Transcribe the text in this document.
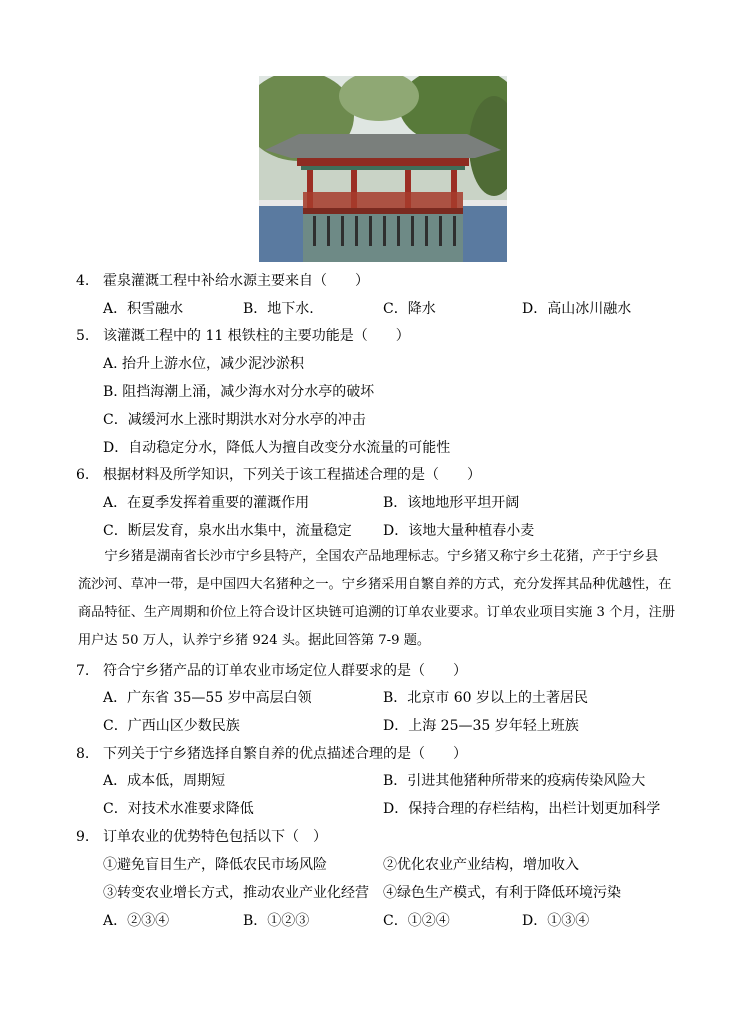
4. 霍泉灌溉工程中补给水源主要来自（　　）
A．积雪融水	B．地下水.	C．降水	D．高山冰川融水
5. 该灌溉工程中的 11 根铁柱的主要功能是（　　）
A. 抬升上游水位，减少泥沙淤积
B. 阻挡海潮上涌，减少海水对分水亭的破坏
C．减缓河水上涨时期洪水对分水亭的冲击
D．自动稳定分水，降低人为擅自改变分水流量的可能性
6. 根据材料及所学知识，下列关于该工程描述合理的是（　　）
A．在夏季发挥着重要的灌溉作用	B．该地地形平坦开阔
C．断层发育，泉水出水集中，流量稳定 D．该地大量种植春小麦
　　宁乡猪是湖南省长沙市宁乡县特产，全国农产品地理标志。宁乡猪又称宁乡土花猪，产于宁乡县
流沙河、草冲一带，是中国四大名猪种之一。宁乡猪采用自繁自养的方式，充分发挥其品种优越性，在
商品特征、生产周期和价位上符合设计区块链可追溯的订单农业要求。订单农业项目实施 3 个月，注册
用户达 50 万人，认养宁乡猪 924 头。据此回答第 7-9 题。
7. 符合宁乡猪产品的订单农业市场定位人群要求的是（　　）
A．广东省 35—55 岁中高层白领	B．北京市 60 岁以上的土著居民
C．广西山区少数民族	D．上海 25—35 岁年轻上班族
8. 下列关于宁乡猪选择自繁自养的优点描述合理的是（　　）
A．成本低，周期短	B．引进其他猪种所带来的疫病传染风险大
C．对技术水准要求降低	D．保持合理的存栏结构，出栏计划更加科学
9. 订单农业的优势特色包括以下（　）
①避免盲目生产，降低农民市场风险	②优化农业产业结构，增加收入
③转变农业增长方式，推动农业产业化经营 ④绿色生产模式，有利于降低环境污染
A．②③④	B．①②③	C．①②④	D．①③④
